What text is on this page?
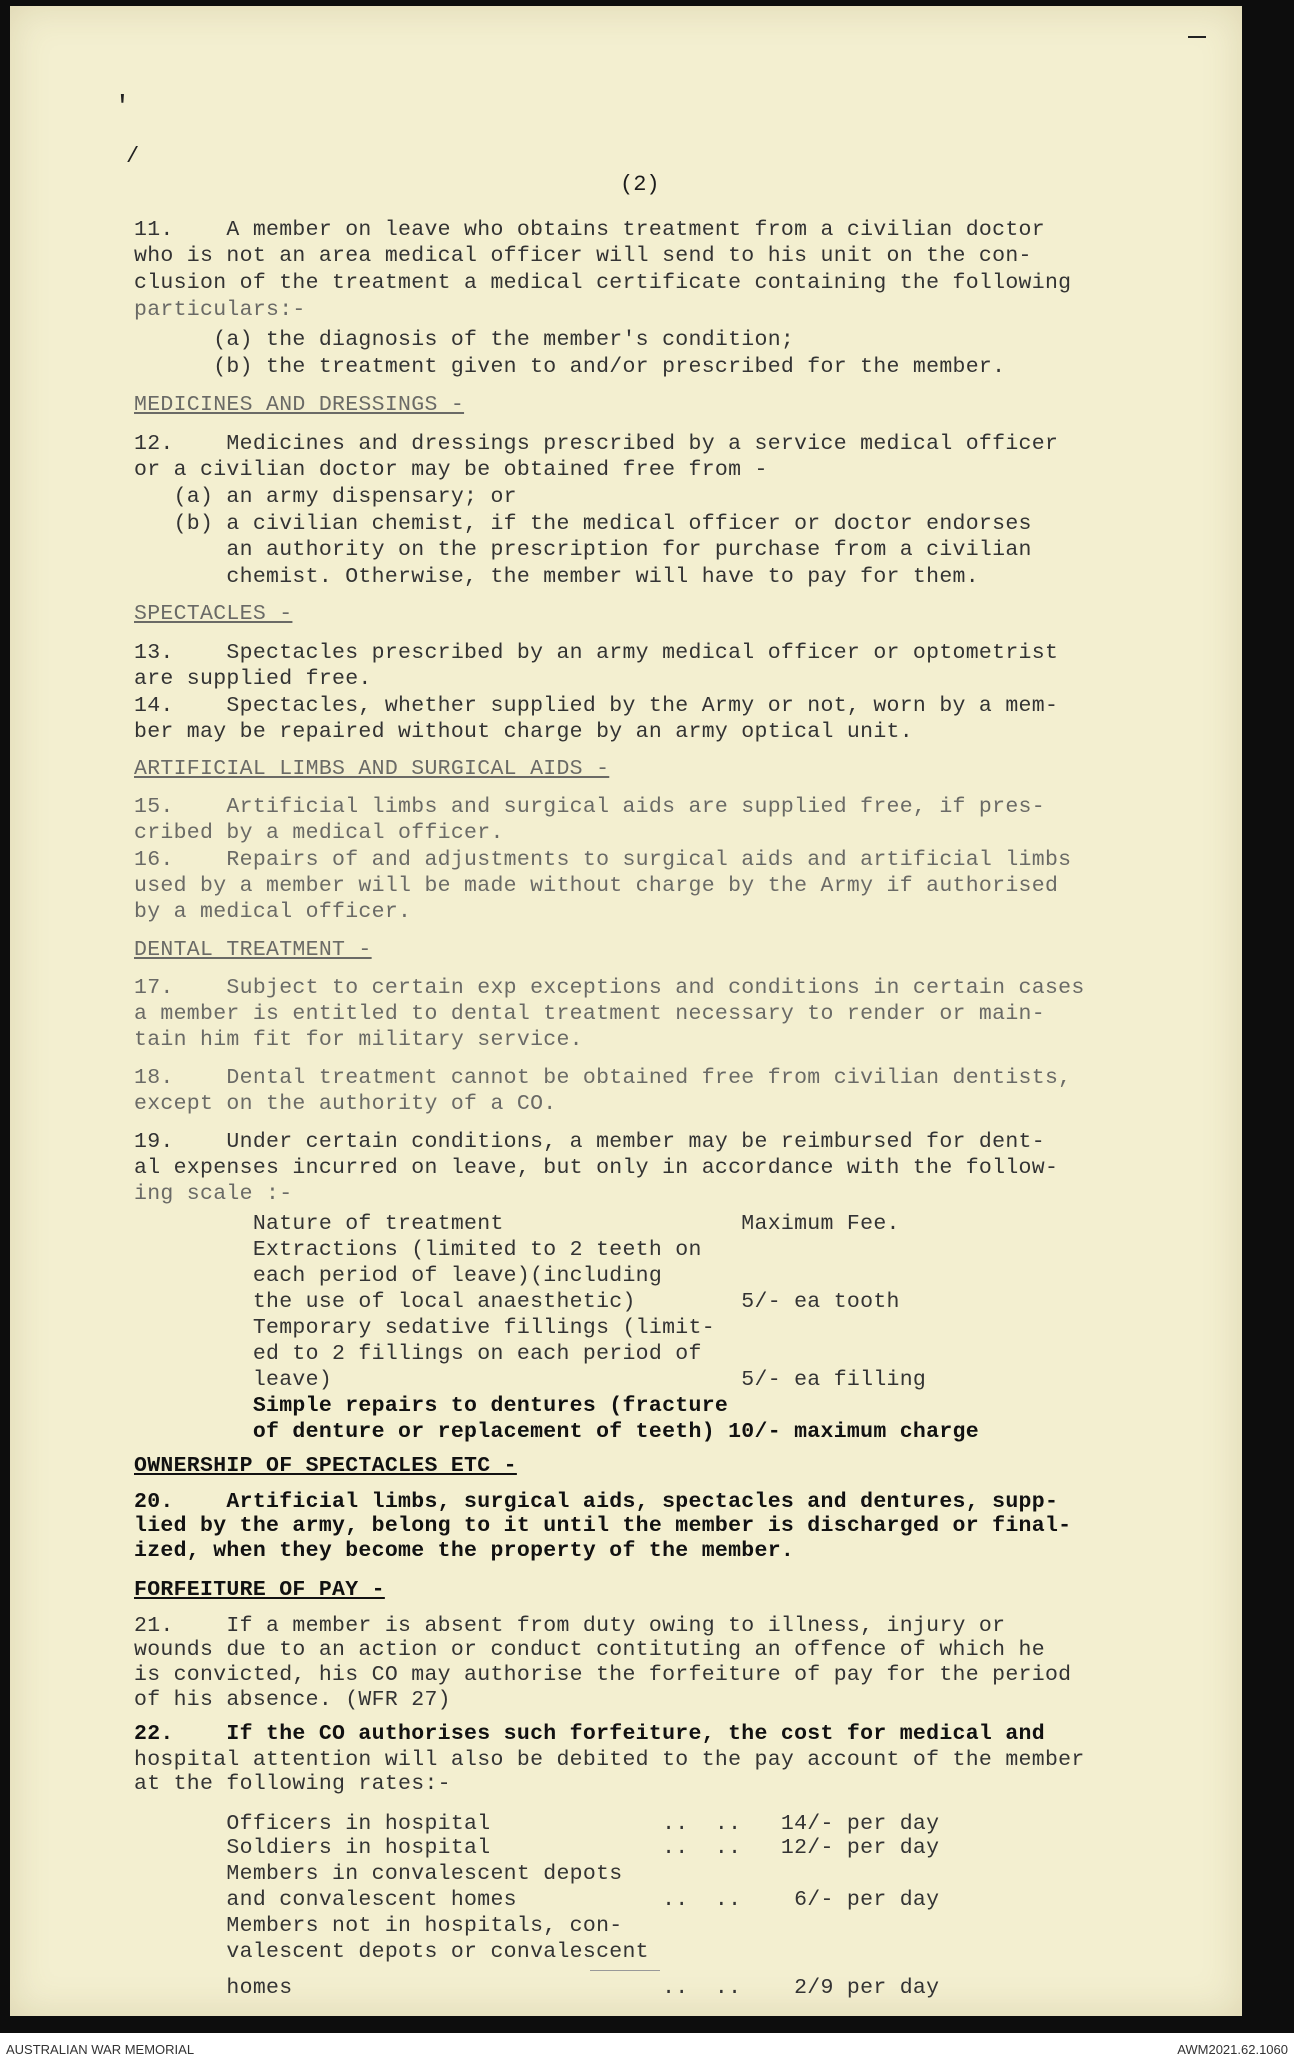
'
/
(2)
11.    A member on leave who obtains treatment from a civilian doctor
who is not an area medical officer will send to his unit on the con-
clusion of the treatment a medical certificate containing the following
particulars:-
(a) the diagnosis of the member's condition;
(b) the treatment given to and/or prescribed for the member.
MEDICINES AND DRESSINGS -
12.    Medicines and dressings prescribed by a service medical officer
or a civilian doctor may be obtained free from -
(a) an army dispensary; or
(b) a civilian chemist, if the medical officer or doctor endorses
an authority on the prescription for purchase from a civilian
chemist. Otherwise, the member will have to pay for them.
SPECTACLES -
13.    Spectacles prescribed by an army medical officer or optometrist
are supplied free.
14.    Spectacles, whether supplied by the Army or not, worn by a mem-
ber may be repaired without charge by an army optical unit.
ARTIFICIAL LIMBS AND SURGICAL AIDS -
15.    Artificial limbs and surgical aids are supplied free, if pres-
cribed by a medical officer.
16.    Repairs of and adjustments to surgical aids and artificial limbs
used by a member will be made without charge by the Army if authorised
by a medical officer.
DENTAL TREATMENT -
17.    Subject to certain exp exceptions and conditions in certain cases
a member is entitled to dental treatment necessary to render or main-
tain him fit for military service.
18.    Dental treatment cannot be obtained free from civilian dentists,
except on the authority of a CO.
19.    Under certain conditions, a member may be reimbursed for dent-
al expenses incurred on leave, but only in accordance with the follow-
ing scale :-
Nature of treatment                  Maximum Fee.
Extractions (limited to 2 teeth on
each period of leave)(including
the use of local anaesthetic)        5/- ea tooth
Temporary sedative fillings (limit-
ed to 2 fillings on each period of
leave)                               5/- ea filling
Simple repairs to dentures (fracture
of denture or replacement of teeth) 10/- maximum charge
OWNERSHIP OF SPECTACLES ETC -
20.    Artificial limbs, surgical aids, spectacles and dentures, supp-
lied by the army, belong to it until the member is discharged or final-
ized, when they become the property of the member.
FORFEITURE OF PAY -
21.    If a member is absent from duty owing to illness, injury or
wounds due to an action or conduct contituting an offence of which he
is convicted, his CO may authorise the forfeiture of pay for the period
of his absence. (WFR 27)
22.    If the CO authorises such forfeiture, the cost for medical and
hospital attention will also be debited to the pay account of the member
at the following rates:-
Officers in hospital             ..  ..   14/- per day
Soldiers in hospital             ..  ..   12/- per day
Members in convalescent depots
and convalescent homes           ..  ..    6/- per day
Members not in hospitals, con-
valescent depots or convalescent
homes                            ..  ..    2/9 per day
AUSTRALIAN WAR MEMORIAL	AWM2021.62.1060
